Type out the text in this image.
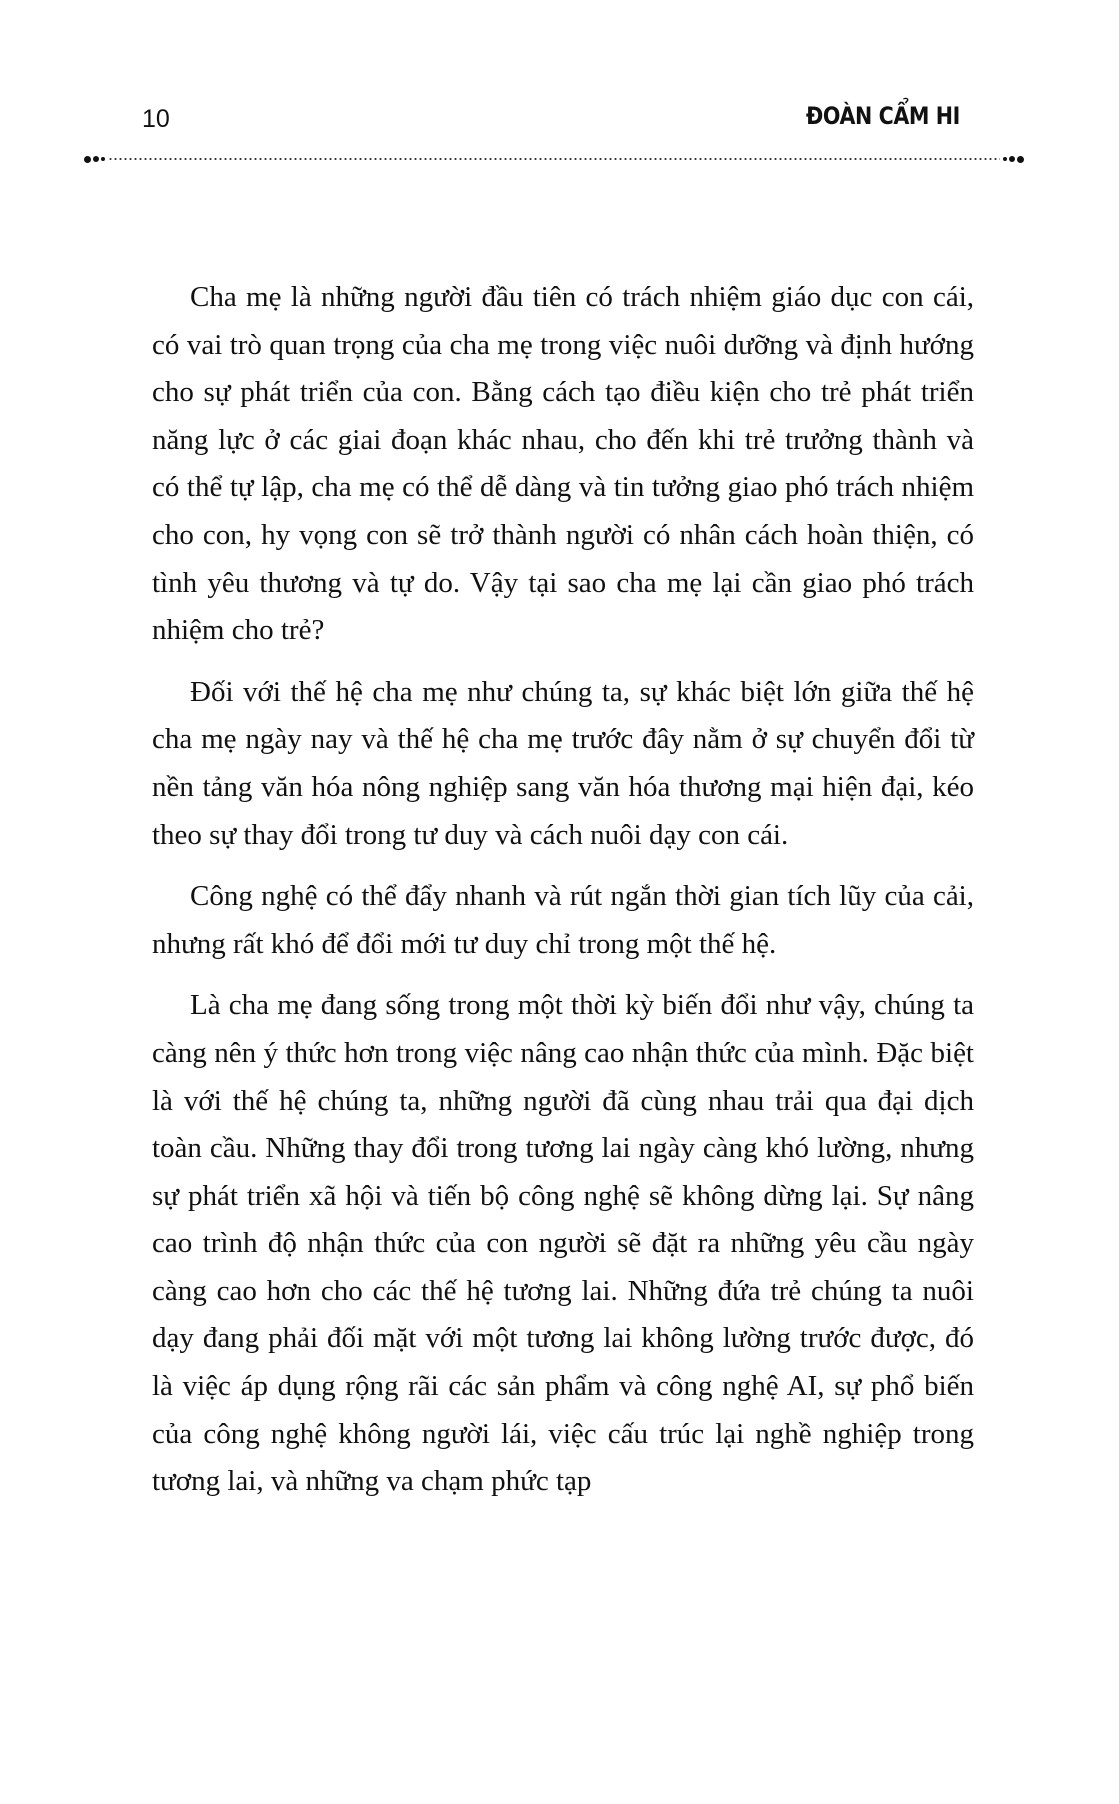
10	ĐOÀN CẨM HI

Cha mẹ là những người đầu tiên có trách nhiệm giáo dục con cái, có vai trò quan trọng của cha mẹ trong việc nuôi dưỡng và định hướng cho sự phát triển của con. Bằng cách tạo điều kiện cho trẻ phát triển năng lực ở các giai đoạn khác nhau, cho đến khi trẻ trưởng thành và có thể tự lập, cha mẹ có thể dễ dàng và tin tưởng giao phó trách nhiệm cho con, hy vọng con sẽ trở thành người có nhân cách hoàn thiện, có tình yêu thương và tự do. Vậy tại sao cha mẹ lại cần giao phó trách nhiệm cho trẻ?

Đối với thế hệ cha mẹ như chúng ta, sự khác biệt lớn giữa thế hệ cha mẹ ngày nay và thế hệ cha mẹ trước đây nằm ở sự chuyển đổi từ nền tảng văn hóa nông nghiệp sang văn hóa thương mại hiện đại, kéo theo sự thay đổi trong tư duy và cách nuôi dạy con cái.

Công nghệ có thể đẩy nhanh và rút ngắn thời gian tích lũy của cải, nhưng rất khó để đổi mới tư duy chỉ trong một thế hệ.

Là cha mẹ đang sống trong một thời kỳ biến đổi như vậy, chúng ta càng nên ý thức hơn trong việc nâng cao nhận thức của mình. Đặc biệt là với thế hệ chúng ta, những người đã cùng nhau trải qua đại dịch toàn cầu. Những thay đổi trong tương lai ngày càng khó lường, nhưng sự phát triển xã hội và tiến bộ công nghệ sẽ không dừng lại. Sự nâng cao trình độ nhận thức của con người sẽ đặt ra những yêu cầu ngày càng cao hơn cho các thế hệ tương lai. Những đứa trẻ chúng ta nuôi dạy đang phải đối mặt với một tương lai không lường trước được, đó là việc áp dụng rộng rãi các sản phẩm và công nghệ AI, sự phổ biến của công nghệ không người lái, việc cấu trúc lại nghề nghiệp trong tương lai, và những va chạm phức tạp
